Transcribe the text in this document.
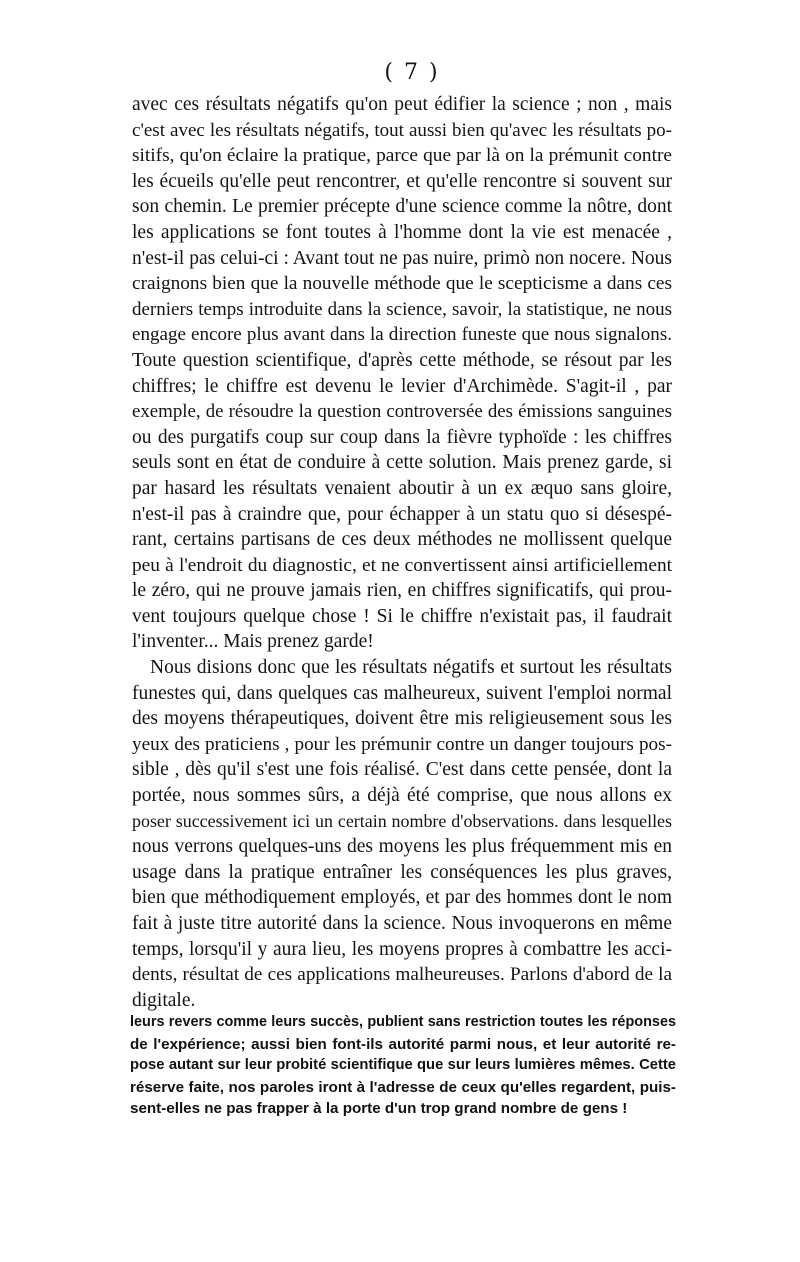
( 7 )
avec ces résultats négatifs qu'on peut édifier la science ; non , mais
c'est avec les résultats négatifs, tout aussi bien qu'avec les résultats po-
sitifs, qu'on éclaire la pratique, parce que par là on la prémunit contre
les écueils qu'elle peut rencontrer, et qu'elle rencontre si souvent sur
son chemin. Le premier précepte d'une science comme la nôtre, dont
les applications se font toutes à l'homme dont la vie est menacée ,
n'est-il pas celui-ci : Avant tout ne pas nuire, primò non nocere. Nous
craignons bien que la nouvelle méthode que le scepticisme a dans ces
derniers temps introduite dans la science, savoir, la statistique, ne nous
engage encore plus avant dans la direction funeste que nous signalons.
Toute question scientifique, d'après cette méthode, se résout par les
chiffres; le chiffre est devenu le levier d'Archimède. S'agit-il , par
exemple, de résoudre la question controversée des émissions sanguines
ou des purgatifs coup sur coup dans la fièvre typhoïde : les chiffres
seuls sont en état de conduire à cette solution. Mais prenez garde, si
par hasard les résultats venaient aboutir à un ex æquo sans gloire,
n'est-il pas à craindre que, pour échapper à un statu quo si désespé-
rant, certains partisans de ces deux méthodes ne mollissent quelque
peu à l'endroit du diagnostic, et ne convertissent ainsi artificiellement
le zéro, qui ne prouve jamais rien, en chiffres significatifs, qui prou-
vent toujours quelque chose ! Si le chiffre n'existait pas, il faudrait
l'inventer... Mais prenez garde!
Nous disions donc que les résultats négatifs et surtout les résultats
funestes qui, dans quelques cas malheureux, suivent l'emploi normal
des moyens thérapeutiques, doivent être mis religieusement sous les
yeux des praticiens , pour les prémunir contre un danger toujours pos-
sible , dès qu'il s'est une fois réalisé. C'est dans cette pensée, dont la
portée, nous sommes sûrs, a déjà été comprise, que nous allons ex
poser successivement ici un certain nombre d'observations. dans lesquelles
nous verrons quelques-uns des moyens les plus fréquemment mis en
usage dans la pratique entraîner les conséquences les plus graves,
bien que méthodiquement employés, et par des hommes dont le nom
fait à juste titre autorité dans la science. Nous invoquerons en même
temps, lorsqu'il y aura lieu, les moyens propres à combattre les acci-
dents, résultat de ces applications malheureuses. Parlons d'abord de la
digitale.
leurs revers comme leurs succès, publient sans restriction toutes les réponses
de l'expérience; aussi bien font-ils autorité parmi nous, et leur autorité re-
pose autant sur leur probité scientifique que sur leurs lumières mêmes. Cette
réserve faite, nos paroles iront à l'adresse de ceux qu'elles regardent, puis-
sent-elles ne pas frapper à la porte d'un trop grand nombre de gens !
